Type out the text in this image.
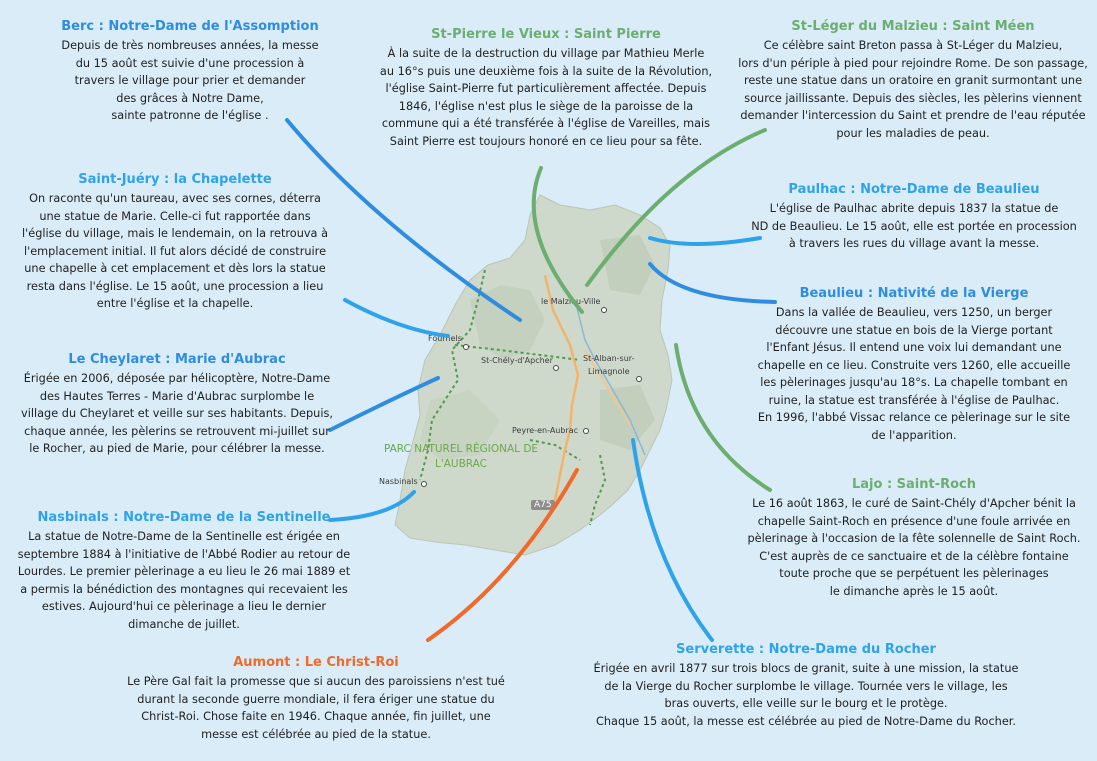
le Malzieu-Ville
Fournels
St-Chély-d'Apcher	St-Alban-sur-
Limagnole
Peyre-en-Aubrac
Nasbinals
PARC NATUREL RÉGIONAL DE
L'AUBRAC
A75
Berc : Notre-Dame de l'Assomption

Depuis de très nombreuses années, la messe
du 15 août est suivie d'une procession à
travers le village pour prier et demander
des grâces à Notre Dame,
sainte patronne de l'église .

St-Pierre le Vieux : Saint Pierre

À la suite de la destruction du village par Mathieu Merle
au 16°s puis une deuxième fois à la suite de la Révolution,
l'église Saint-Pierre fut particulièrement affectée. Depuis
1846, l'église n'est plus le siège de la paroisse de la
commune qui a été transférée à l'église de Vareilles, mais
Saint Pierre est toujours honoré en ce lieu pour sa fête.

St-Léger du Malzieu : Saint Méen

Ce célèbre saint Breton passa à St-Léger du Malzieu,
lors d'un périple à pied pour rejoindre Rome. De son passage,
reste une statue dans un oratoire en granit surmontant une
source jaillissante. Depuis des siècles, les pèlerins viennent
demander l'intercession du Saint et prendre de l'eau réputée
pour les maladies de peau.

Saint-Juéry : la Chapelette

On raconte qu'un taureau, avec ses cornes, déterra
une statue de Marie. Celle-ci fut rapportée dans
l'église du village, mais le lendemain, on la retrouva à
l'emplacement initial. Il fut alors décidé de construire
une chapelle à cet emplacement et dès lors la statue
resta dans l'église. Le 15 août, une procession a lieu
entre l'église et la chapelle.

Paulhac : Notre-Dame de Beaulieu

L'église de Paulhac abrite depuis 1837 la statue de
ND de Beaulieu. Le 15 août, elle est portée en procession
à travers les rues du village avant la messe.

Beaulieu : Nativité de la Vierge

Dans la vallée de Beaulieu, vers 1250, un berger
découvre une statue en bois de la Vierge portant
l'Enfant Jésus. Il entend une voix lui demandant une
chapelle en ce lieu. Construite vers 1260, elle accueille
les pèlerinages jusqu'au 18°s. La chapelle tombant en
ruine, la statue est transférée à l'église de Paulhac.
En 1996, l'abbé Vissac relance ce pèlerinage sur le site
de l'apparition.

Le Cheylaret : Marie d'Aubrac

Érigée en 2006, déposée par hélicoptère, Notre-Dame
des Hautes Terres - Marie d'Aubrac surplombe le
village du Cheylaret et veille sur ses habitants. Depuis,
chaque année, les pèlerins se retrouvent mi-juillet sur
le Rocher, au pied de Marie, pour célébrer la messe.

Lajo : Saint-Roch

Le 16 août 1863, le curé de Saint-Chély d'Apcher bénit la
chapelle Saint-Roch en présence d'une foule arrivée en
pèlerinage à l'occasion de la fête solennelle de Saint Roch.
C'est auprès de ce sanctuaire et de la célèbre fontaine
toute proche que se perpétuent les pèlerinages
le dimanche après le 15 août.

Nasbinals : Notre-Dame de la Sentinelle

La statue de Notre-Dame de la Sentinelle est érigée en
septembre 1884 à l'initiative de l'Abbé Rodier au retour de
Lourdes. Le premier pèlerinage a eu lieu le 26 mai 1889 et
a permis la bénédiction des montagnes qui recevaient les
estives. Aujourd'hui ce pèlerinage a lieu le dernier
dimanche de juillet.

Aumont : Le Christ-Roi

Le Père Gal fait la promesse que si aucun des paroissiens n'est tué
durant la seconde guerre mondiale, il fera ériger une statue du
Christ-Roi. Chose faite en 1946. Chaque année, fin juillet, une
messe est célébrée au pied de la statue.

Serverette : Notre-Dame du Rocher

Érigée en avril 1877 sur trois blocs de granit, suite à une mission, la statue
de la Vierge du Rocher surplombe le village. Tournée vers le village, les
bras ouverts, elle veille sur le bourg et le protège.
Chaque 15 août, la messe est célébrée au pied de Notre-Dame du Rocher.
